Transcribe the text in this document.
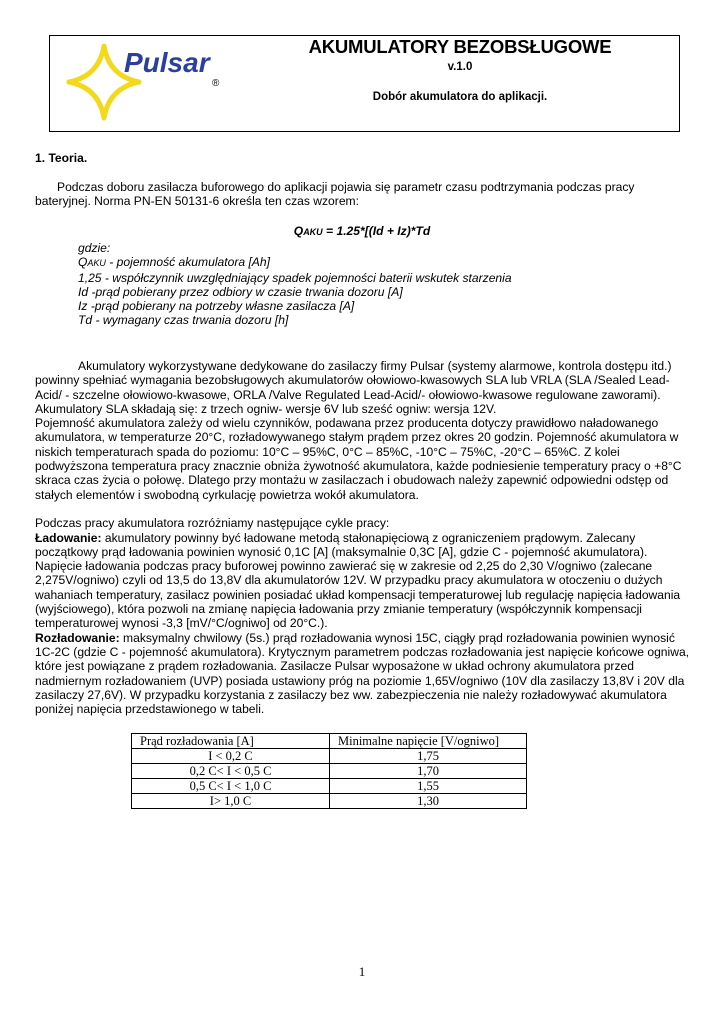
Pulsar
®
AKUMULATORY BEZOBSŁUGOWE
v.1.0
Dobór akumulatora do aplikacji.
1. Teoria.

Podczas doboru zasilacza buforowego do aplikacji pojawia się parametr czasu podtrzymania podczas pracy bateryjnej. Norma PN-EN 50131-6 określa ten czas wzorem:

QAKU = 1.25*[(Id + Iz)*Td
gdzie:
QAKU - pojemność akumulatora [Ah]
1,25 - współczynnik uwzględniający spadek pojemności baterii wskutek starzenia
Id -prąd pobierany przez odbiory w czasie trwania dozoru [A]
Iz -prąd pobierany na potrzeby własne zasilacza [A]
Td - wymagany czas trwania dozoru [h]

Akumulatory wykorzystywane dedykowane do zasilaczy firmy Pulsar (systemy alarmowe, kontrola dostępu itd.) powinny spełniać wymagania bezobsługowych akumulatorów ołowiowo-kwasowych SLA lub VRLA (SLA /Sealed Lead-Acid/ - szczelne ołowiowo-kwasowe, ORLA /Valve Regulated Lead-Acid/- ołowiowo-kwasowe regulowane zaworami). Akumulatory SLA składają się: z trzech ogniw- wersje 6V lub sześć ogniw: wersja 12V.

Pojemność akumulatora zależy od wielu czynników, podawana przez producenta dotyczy prawidłowo naładowanego akumulatora, w temperaturze 20°C, rozładowywanego stałym prądem przez okres 20 godzin. Pojemność akumulatora w niskich temperaturach spada do poziomu: 10°C – 95%C, 0°C – 85%C, -10°C – 75%C, -20°C – 65%C. Z kolei podwyższona temperatura pracy znacznie obniża żywotność akumulatora, każde podniesienie temperatury pracy o +8°C skraca czas życia o połowę. Dlatego przy montażu w zasilaczach i obudowach należy zapewnić odpowiedni odstęp od stałych elementów i swobodną cyrkulację powietrza wokół akumulatora.

Podczas pracy akumulatora rozróżniamy następujące cykle pracy:

Ładowanie: akumulatory powinny być ładowane metodą stałonapięciową z ograniczeniem prądowym. Zalecany początkowy prąd ładowania powinien wynosić 0,1C [A] (maksymalnie 0,3C [A], gdzie C - pojemność akumulatora). Napięcie ładowania podczas pracy buforowej powinno zawierać się w zakresie od 2,25 do 2,30 V/ogniwo (zalecane 2,275V/ogniwo) czyli od 13,5 do 13,8V dla akumulatorów 12V. W przypadku pracy akumulatora w otoczeniu o dużych wahaniach temperatury, zasilacz powinien posiadać układ kompensacji temperaturowej lub regulację napięcia ładowania (wyjściowego), która pozwoli na zmianę napięcia ładowania przy zmianie temperatury (współczynnik kompensacji temperaturowej wynosi -3,3 [mV/°C/ogniwo] od 20°C.).

Rozładowanie: maksymalny chwilowy (5s.) prąd rozładowania wynosi 15C, ciągły prąd rozładowania powinien wynosić 1C-2C (gdzie C - pojemność akumulatora). Krytycznym parametrem podczas rozładowania jest napięcie końcowe ogniwa, które jest powiązane z prądem rozładowania. Zasilacze Pulsar wyposażone w układ ochrony akumulatora przed nadmiernym rozładowaniem (UVP) posiada ustawiony próg na poziomie 1,65V/ogniwo (10V dla zasilaczy 13,8V i 20V dla zasilaczy 27,6V). W przypadku korzystania z zasilaczy bez ww. zabezpieczenia nie należy rozładowywać akumulatora poniżej napięcia przedstawionego w tabeli.

Prąd rozładowania [A]	Minimalne napięcie [V/ogniwo]
I < 0,2 C	1,75
0,2 C< I < 0,5 C	1,70
0,5 C< I < 1,0 C	1,55
I> 1,0 C	1,30
1
